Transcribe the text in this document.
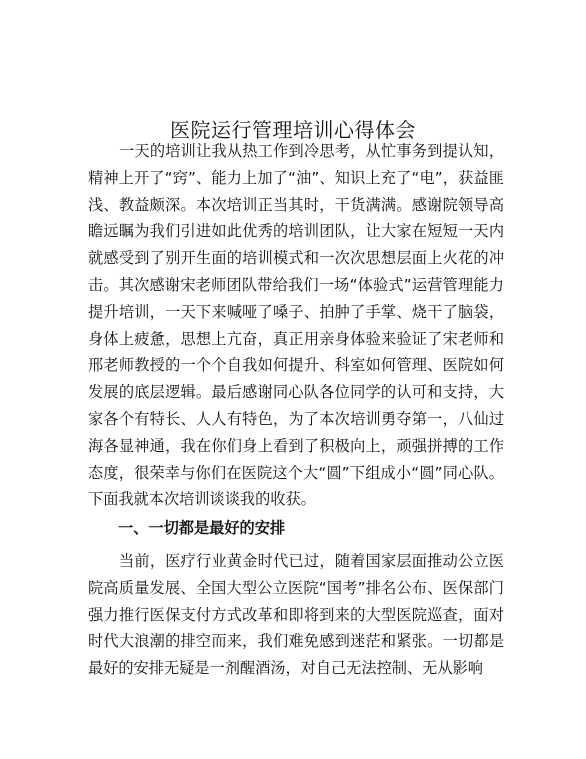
医院运行管理培训心得体会

一天的培训让我从热工作到冷思考，从忙事务到提认知，精神上开了“窍”、能力上加了“油”、知识上充了“电”，获益匪浅、教益颇深。本次培训正当其时，干货满满。感谢院领导高瞻远瞩为我们引进如此优秀的培训团队，让大家在短短一天内就感受到了别开生面的培训模式和一次次思想层面上火花的冲击。其次感谢宋老师团队带给我们一场“体验式”运营管理能力提升培训，一天下来喊哑了嗓子、拍肿了手掌、烧干了脑袋，身体上疲惫，思想上亢奋，真正用亲身体验来验证了宋老师和邢老师教授的一个个自我如何提升、科室如何管理、医院如何发展的底层逻辑。最后感谢同心队各位同学的认可和支持，大家各个有特长、人人有特色，为了本次培训勇夺第一，八仙过海各显神通，我在你们身上看到了积极向上，顽强拼搏的工作态度，很荣幸与你们在医院这个大“圆”下组成小“圆”同心队。下面我就本次培训谈谈我的收获。

一、一切都是最好的安排

当前，医疗行业黄金时代已过，随着国家层面推动公立医院高质量发展、全国大型公立医院“国考”排名公布、医保部门强力推行医保支付方式改革和即将到来的大型医院巡查，面对时代大浪潮的排空而来，我们难免感到迷茫和紧张。一切都是最好的安排无疑是一剂醒酒汤，对自己无法控制、无从影响
